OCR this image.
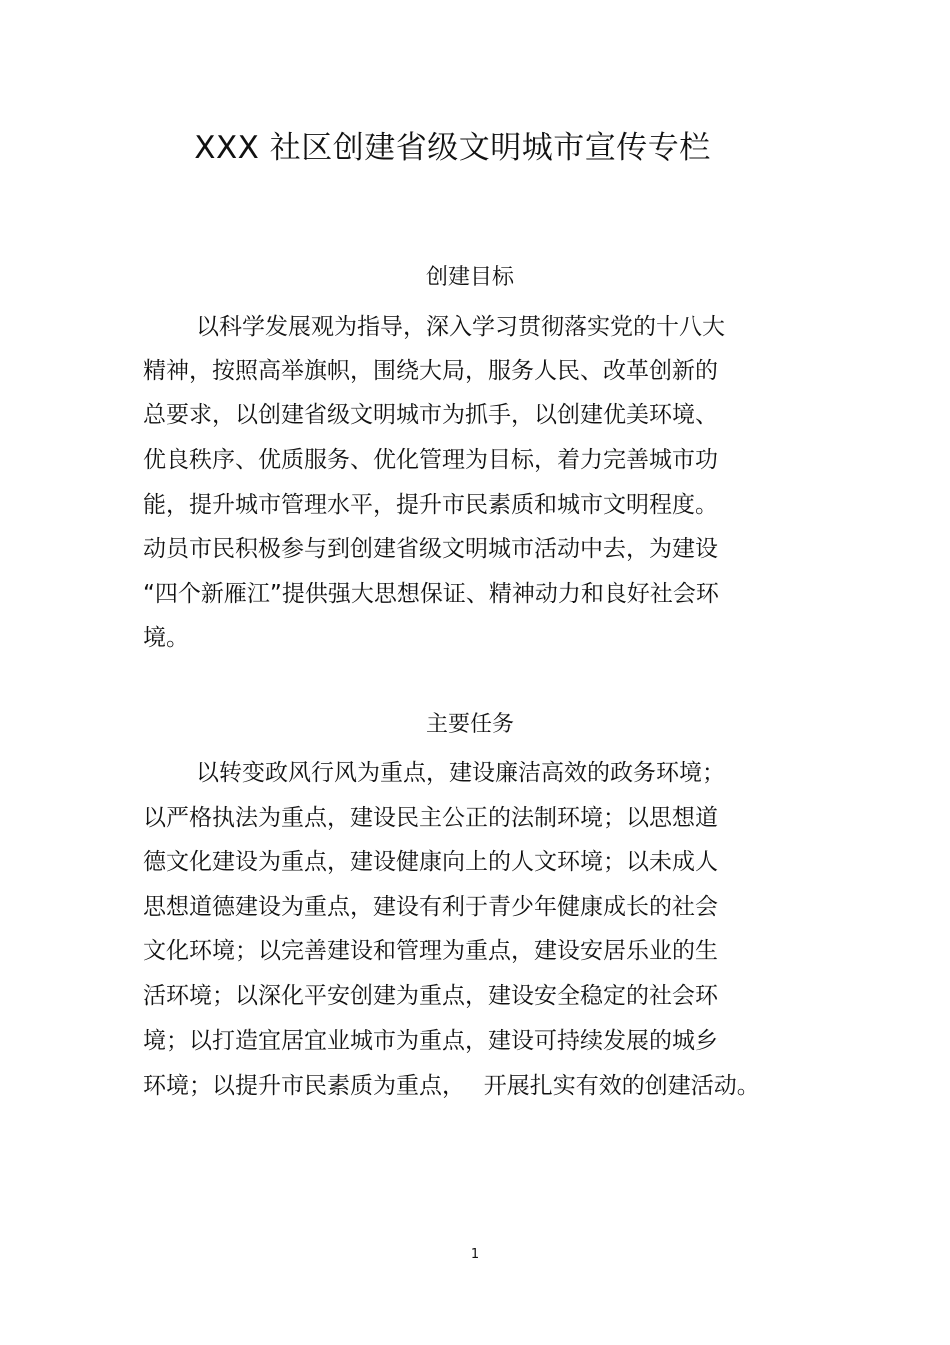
XXX 社区创建省级文明城市宣传专栏
创建目标
以科学发展观为指导，深入学习贯彻落实党的十八大
精神，按照高举旗帜，围绕大局，服务人民、改革创新的
总要求，以创建省级文明城市为抓手，以创建优美环境、
优良秩序、优质服务、优化管理为目标，着力完善城市功
能，提升城市管理水平，提升市民素质和城市文明程度。
动员市民积极参与到创建省级文明城市活动中去，为建设
“四个新雁江”提供强大思想保证、精神动力和良好社会环
境。
主要任务
以转变政风行风为重点，建设廉洁高效的政务环境；
以严格执法为重点，建设民主公正的法制环境；以思想道
德文化建设为重点，建设健康向上的人文环境；以未成人
思想道德建设为重点，建设有利于青少年健康成长的社会
文化环境；以完善建设和管理为重点，建设安居乐业的生
活环境；以深化平安创建为重点，建设安全稳定的社会环
境；以打造宜居宜业城市为重点，建设可持续发展的城乡
环境；以提升市民素质为重点，　 开展扎实有效的创建活动。
1
